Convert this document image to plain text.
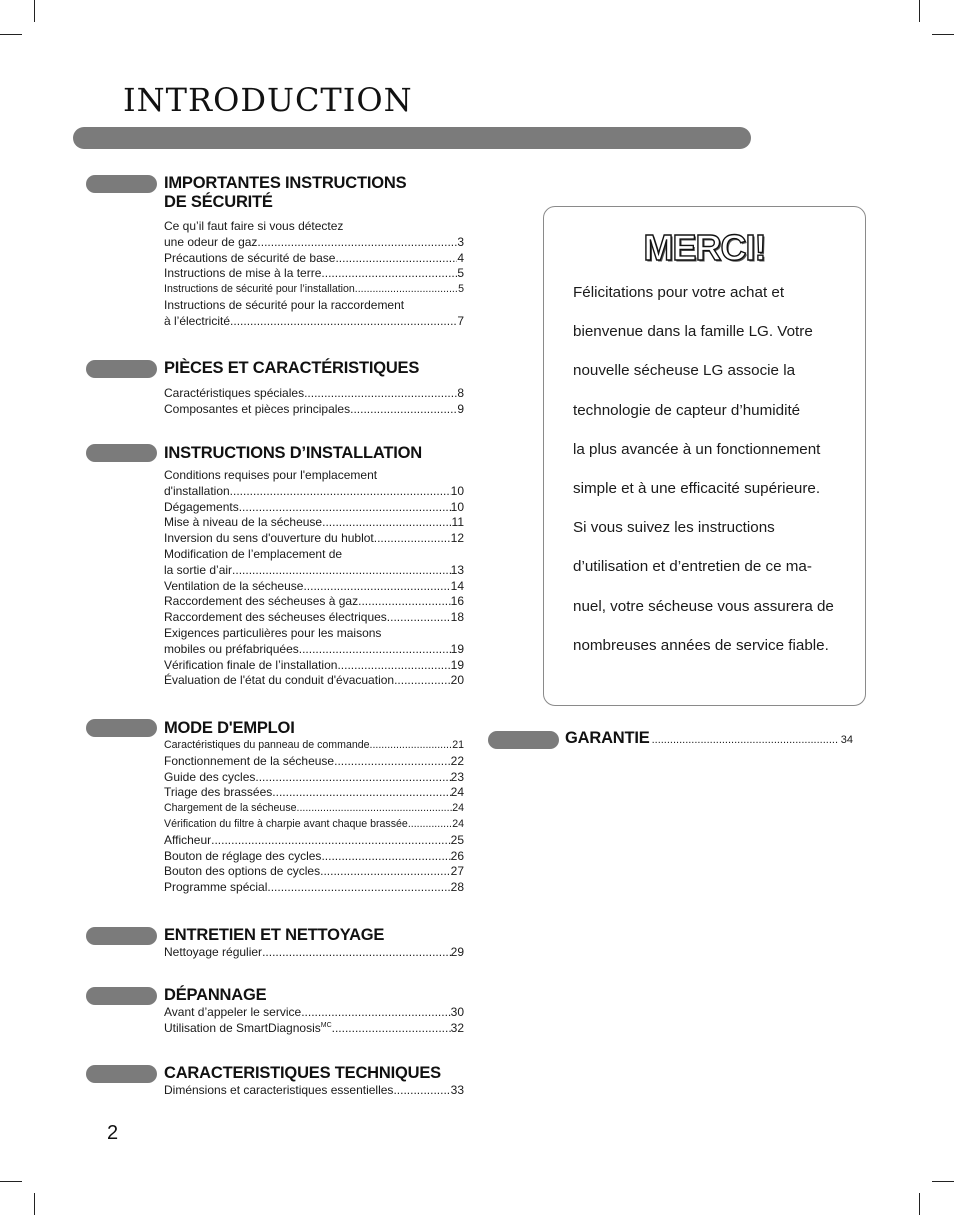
INTRODUCTION
IMPORTANTES INSTRUCTIONS
DE SÉCURITÉ
Ce qu’il faut faire si vous détectez
une odeur de gaz .....	3
Précautions de sécurité de base .....	4
Instructions de mise à la terre .....	5
Instructions de sécurité pour l’installation .....	5
Instructions de sécurité pour la raccordement
à l’électricité .....	7
PIÈCES ET CARACTÉRISTIQUES
Caractéristiques spéciales .....	8
Composantes et pièces principales .....	9
INSTRUCTIONS D’INSTALLATION
Conditions requises pour l'emplacement
d'installation .....	10
Dégagements .....	10
Mise à niveau de la sécheuse .....	11
Inversion du sens d'ouverture du hublot .....	12
Modification de l’emplacement de
la sortie d’air .....	13
Ventilation de la sécheuse .....	14
Raccordement des sécheuses à gaz .....	16
Raccordement des sécheuses électriques .....	18
Exigences particulières pour les maisons
mobiles ou préfabriquées .....	19
Vérification finale de l’installation .....	19
Évaluation de l'état du conduit d'évacuation .....	20
MODE D'EMPLOI
Caractéristiques du panneau de commande .....	21
Fonctionnement de la sécheuse .....	22
Guide des cycles .....	23
Triage des brassées .....	24
Chargement de la sécheuse .....	24
Vérification du filtre à charpie avant chaque brassée .....	24
Afficheur .....	25
Bouton de réglage des cycles .....	26
Bouton des options de cycles .....	27
Programme spécial .....	28
ENTRETIEN ET NETTOYAGE
Nettoyage régulier .....	29
DÉPANNAGE
Avant d’appeler le service .....	30
Utilisation de SmartDiagnosis$^{MC}$ .....	32
CARACTERISTIQUES TECHNIQUES
Diménsions et caracteristiques essentielles .....	33
MERCI!
Félicitations pour votre achat et
bienvenue dans la famille LG. Votre
nouvelle sécheuse LG associe la
technologie de capteur d’humidité
la plus avancée à un fonctionnement
simple et à une efficacité supérieure.
Si vous suivez les instructions
d’utilisation et d’entretien de ce ma-
nuel, votre sécheuse vous assurera de
nombreuses années de service fiable.
GARANTIE .....	34
2
